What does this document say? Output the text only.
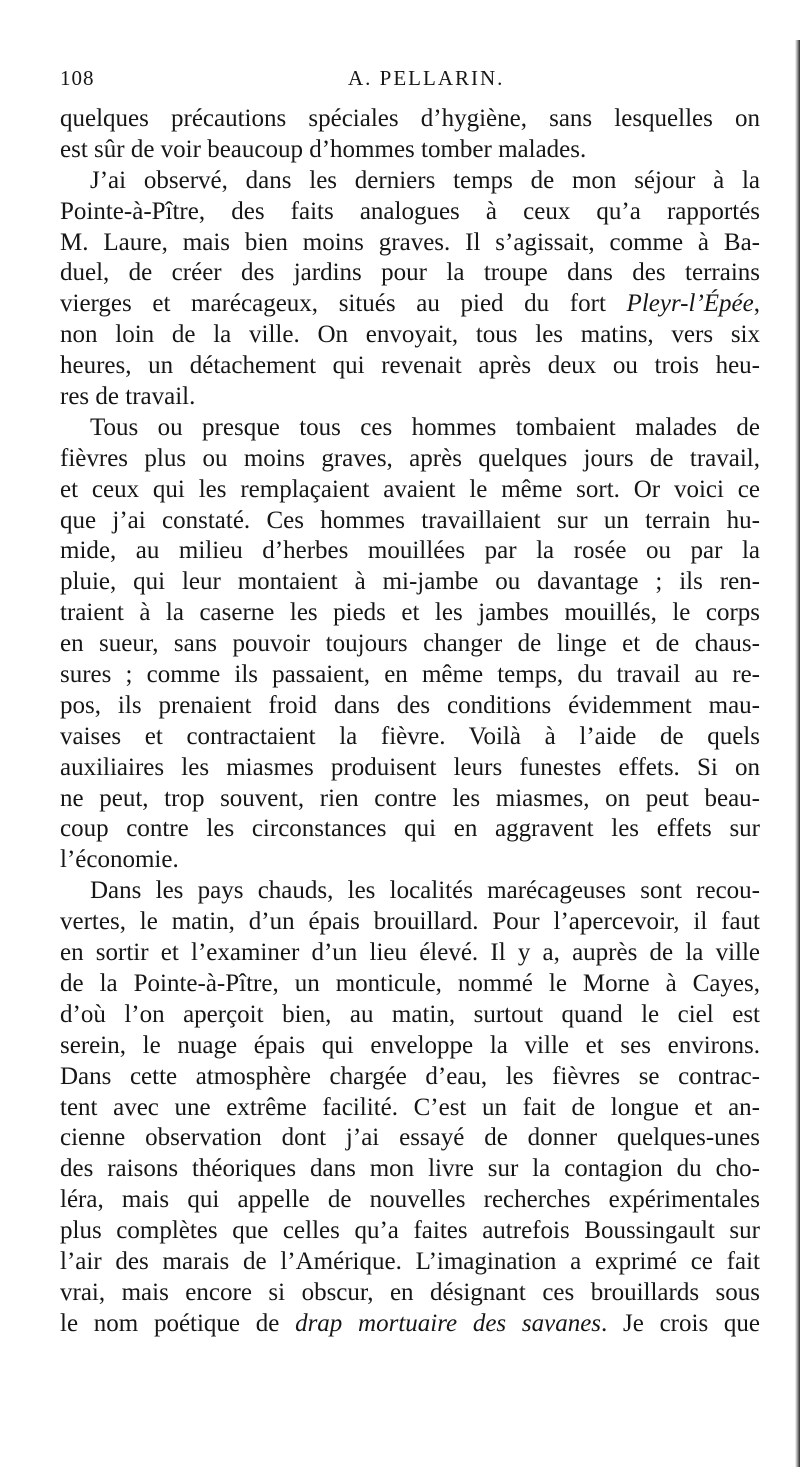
108	A. PELLARIN.
quelques précautions spéciales d’hygiène, sans lesquelles on
est sûr de voir beaucoup d’hommes tomber malades.
J’ai observé, dans les derniers temps de mon séjour à la
Pointe-à-Pître, des faits analogues à ceux qu’a rapportés
M. Laure, mais bien moins graves. Il s’agissait, comme à Ba-
duel, de créer des jardins pour la troupe dans des terrains
vierges et marécageux, situés au pied du fort Pleyr-l’Épée,
non loin de la ville. On envoyait, tous les matins, vers six
heures, un détachement qui revenait après deux ou trois heu-
res de travail.
Tous ou presque tous ces hommes tombaient malades de
fièvres plus ou moins graves, après quelques jours de travail,
et ceux qui les remplaçaient avaient le même sort. Or voici ce
que j’ai constaté. Ces hommes travaillaient sur un terrain hu-
mide, au milieu d’herbes mouillées par la rosée ou par la
pluie, qui leur montaient à mi-jambe ou davantage ; ils ren-
traient à la caserne les pieds et les jambes mouillés, le corps
en sueur, sans pouvoir toujours changer de linge et de chaus-
sures ; comme ils passaient, en même temps, du travail au re-
pos, ils prenaient froid dans des conditions évidemment mau-
vaises et contractaient la fièvre. Voilà à l’aide de quels
auxiliaires les miasmes produisent leurs funestes effets. Si on
ne peut, trop souvent, rien contre les miasmes, on peut beau-
coup contre les circonstances qui en aggravent les effets sur
l’économie.
Dans les pays chauds, les localités marécageuses sont recou-
vertes, le matin, d’un épais brouillard. Pour l’apercevoir, il faut
en sortir et l’examiner d’un lieu élevé. Il y a, auprès de la ville
de la Pointe-à-Pître, un monticule, nommé le Morne à Cayes,
d’où l’on aperçoit bien, au matin, surtout quand le ciel est
serein, le nuage épais qui enveloppe la ville et ses environs.
Dans cette atmosphère chargée d’eau, les fièvres se contrac-
tent avec une extrême facilité. C’est un fait de longue et an-
cienne observation dont j’ai essayé de donner quelques-unes
des raisons théoriques dans mon livre sur la contagion du cho-
léra, mais qui appelle de nouvelles recherches expérimentales
plus complètes que celles qu’a faites autrefois Boussingault sur
l’air des marais de l’Amérique. L’imagination a exprimé ce fait
vrai, mais encore si obscur, en désignant ces brouillards sous
le nom poétique de drap mortuaire des savanes. Je crois que
